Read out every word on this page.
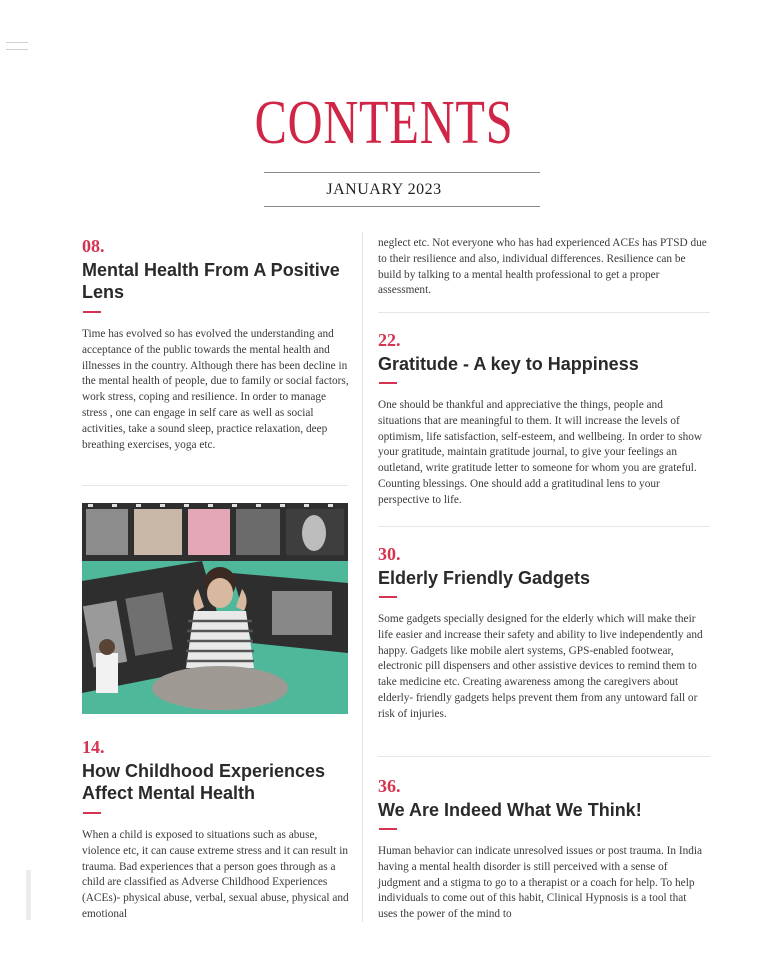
CONTENTS
JANUARY 2023
08.
Mental Health From A Positive Lens

Time has evolved so has evolved the understanding and acceptance of the public towards the mental health and illnesses in the country. Although there has been decline in the mental health of people, due to family or social factors, work stress, coping and resilience. In order to manage stress , one can engage in self care as well as social activities, take a sound sleep, practice relaxation, deep breathing exercises, yoga etc.

14.
How Childhood Experiences Affect Mental Health

When a child is exposed to situations such as abuse, violence etc, it can cause extreme stress and it can result in trauma. Bad experiences that a person goes through as a child are classified as Adverse Childhood Experiences (ACEs)- physical abuse, verbal, sexual abuse, physical and emotional

neglect etc. Not everyone who has had experienced ACEs has PTSD due to their resilience and also, individual differences. Resilience can be build by talking to a mental health professional to get a proper assessment.

22.
Gratitude - A key to Happiness

One should be thankful and appreciative the things, people and situations that are meaningful to them. It will increase the levels of optimism, life satisfaction, self-esteem, and wellbeing. In order to show your gratitude, maintain gratitude journal, to give your feelings an outletand, write gratitude letter to someone for whom you are grateful. Counting blessings. One should add a gratitudinal lens to your perspective to life.

30.
Elderly Friendly Gadgets

Some gadgets specially designed for the elderly which will make their life easier and increase their safety and ability to live independently and happy. Gadgets like mobile alert systems, GPS-enabled footwear, electronic pill dispensers and other assistive devices to remind them to take medicine etc. Creating awareness among the caregivers about elderly- friendly gadgets helps prevent them from any untoward fall or risk of injuries.

36.
We Are Indeed What We Think!

Human behavior can indicate unresolved issues or post trauma. In India having a mental health disorder is still perceived with a sense of judgment and a stigma to go to a therapist or a coach for help. To help individuals to come out of this habit, Clinical Hypnosis is a tool that uses the power of the mind to
